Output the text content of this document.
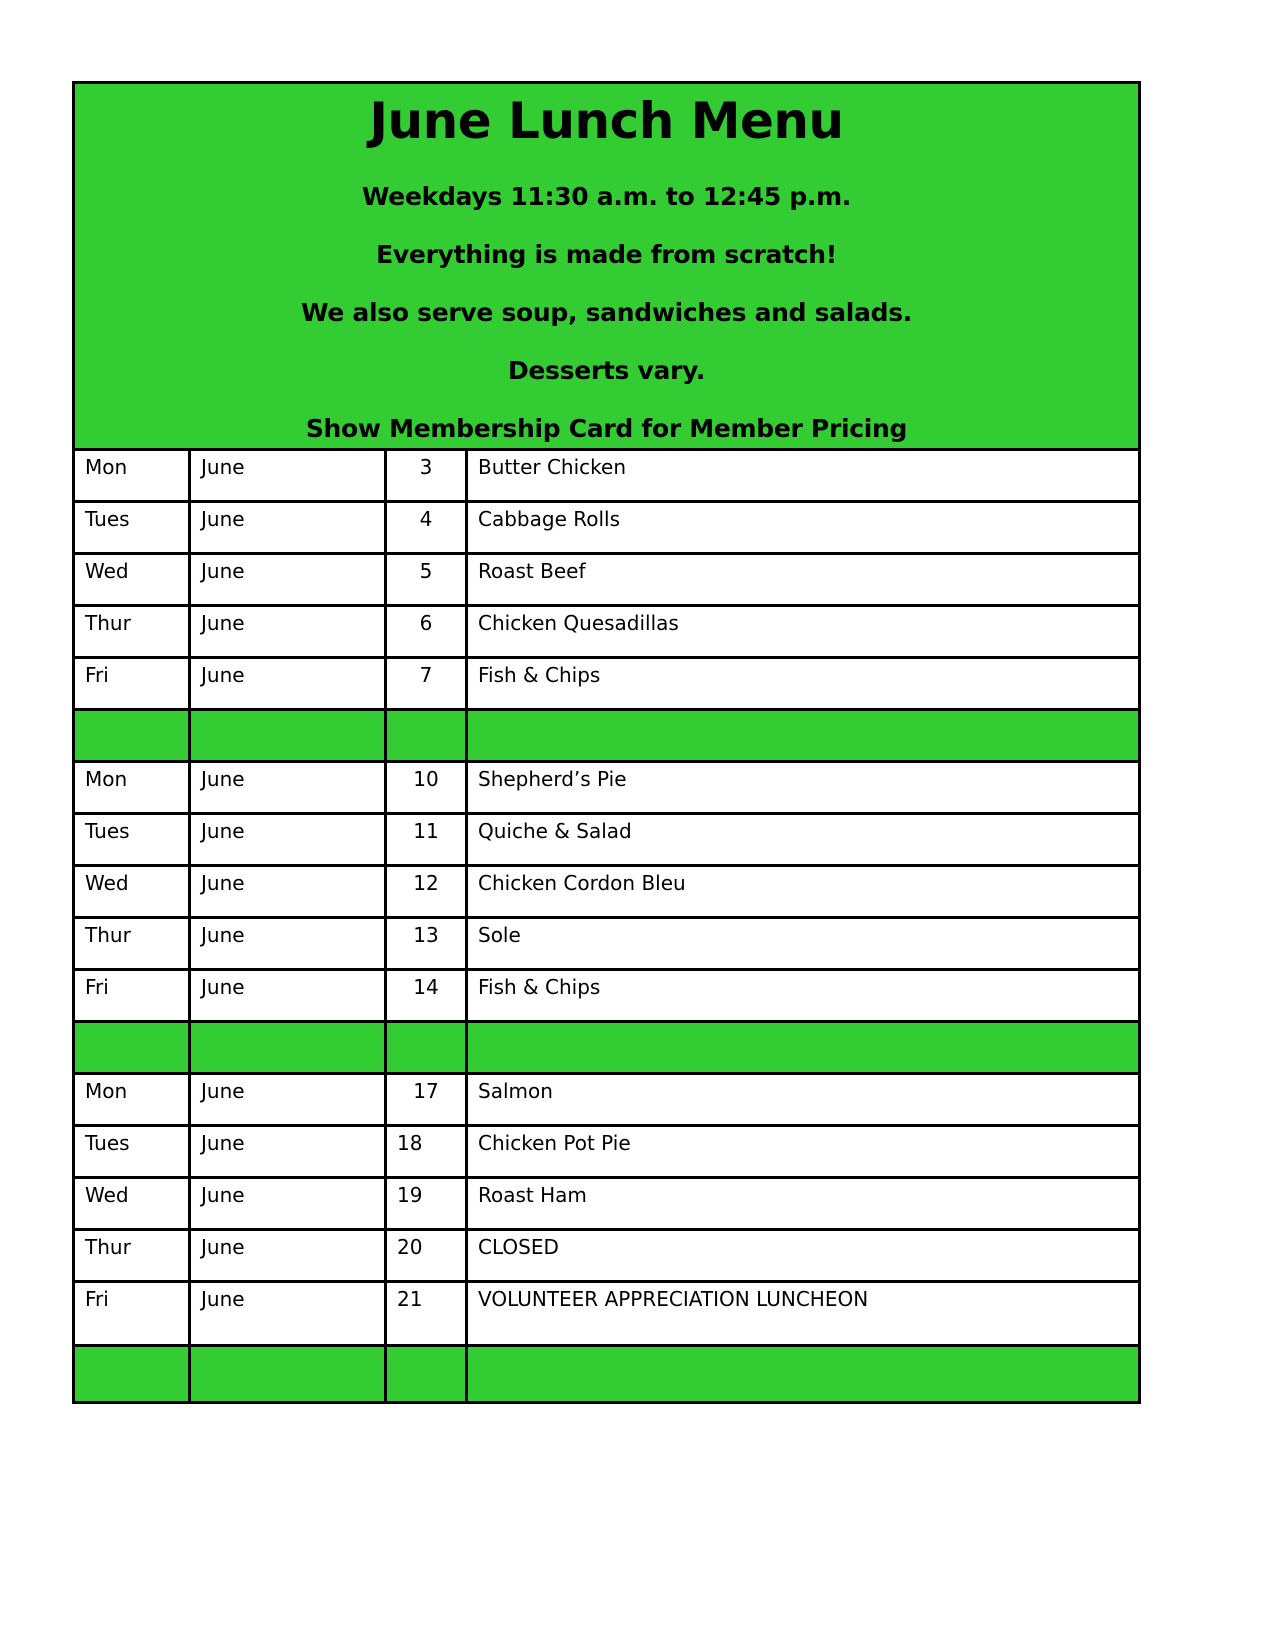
June Lunch Menu
Weekdays 11:30 a.m. to 12:45 p.m.
Everything is made from scratch!
We also serve soup, sandwiches and salads.
Desserts vary.
Show Membership Card for Member Pricing
Mon	June	3	Butter Chicken
Tues	June	4	Cabbage Rolls
Wed	June	5	Roast Beef
Thur	June	6	Chicken Quesadillas
Fri	June	7	Fish & Chips

Mon	June	10	Shepherd’s Pie
Tues	June	11	Quiche & Salad
Wed	June	12	Chicken Cordon Bleu
Thur	June	13	Sole
Fri	June	14	Fish & Chips

Mon	June	17	Salmon
Tues	June	18	Chicken Pot Pie
Wed	June	19	Roast Ham
Thur	June	20	CLOSED
Fri	June	21	VOLUNTEER APPRECIATION LUNCHEON
